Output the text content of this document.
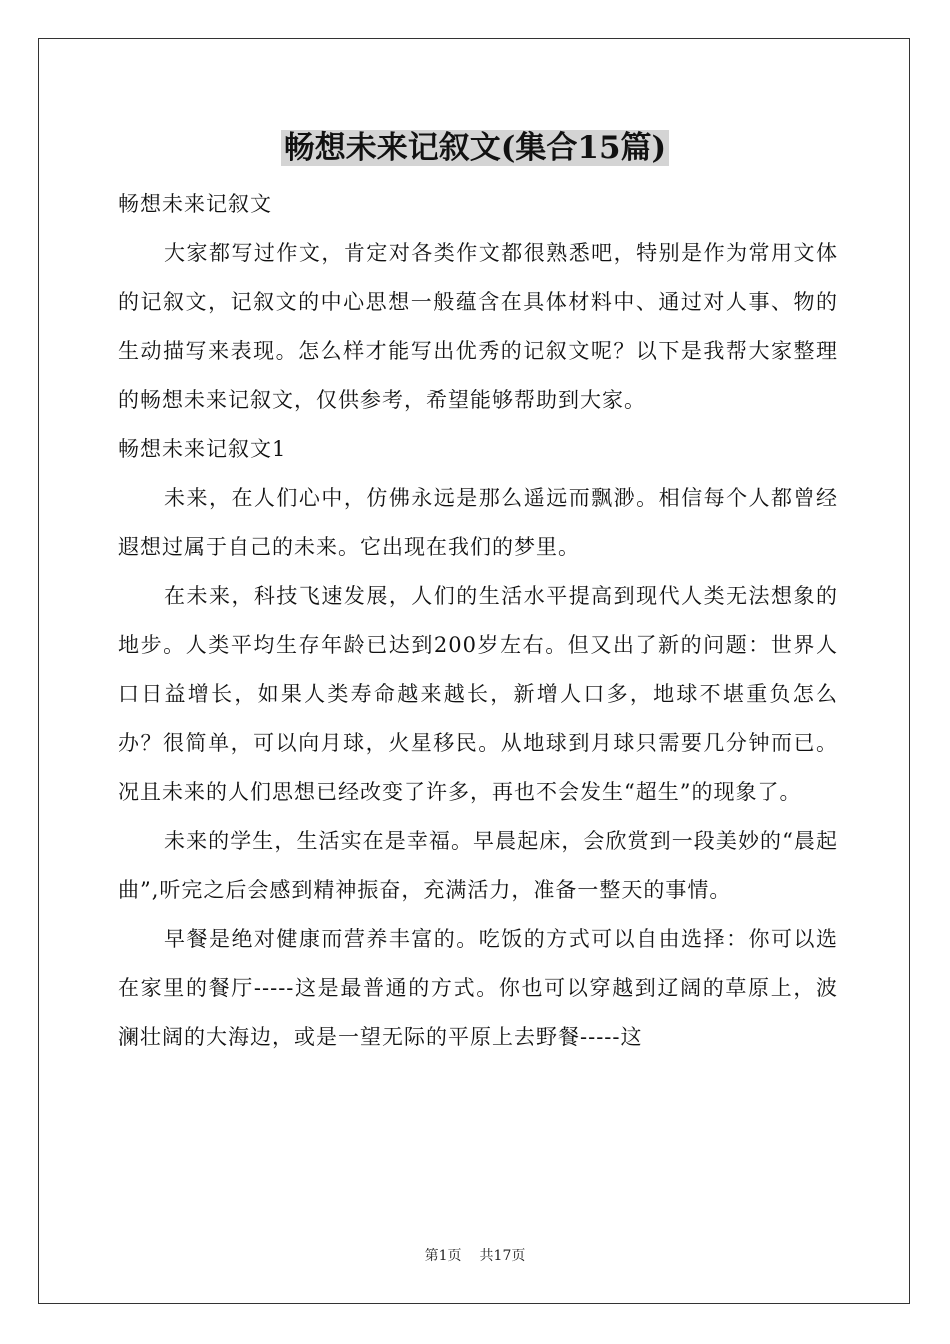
畅想未来记叙文(集合15篇)

畅想未来记叙文

大家都写过作文，肯定对各类作文都很熟悉吧，特别是作为常用文体的记叙文，记叙文的中心思想一般蕴含在具体材料中、通过对人事、物的生动描写来表现。怎么样才能写出优秀的记叙文呢？以下是我帮大家整理的畅想未来记叙文，仅供参考，希望能够帮助到大家。

畅想未来记叙文1

未来，在人们心中，仿佛永远是那么遥远而飘渺。相信每个人都曾经遐想过属于自己的未来。它出现在我们的梦里。

在未来，科技飞速发展，人们的生活水平提高到现代人类无法想象的地步。人类平均生存年龄已达到200岁左右。但又出了新的问题：世界人口日益增长，如果人类寿命越来越长，新增人口多，地球不堪重负怎么办？很简单，可以向月球，火星移民。从地球到月球只需要几分钟而已。况且未来的人们思想已经改变了许多，再也不会发生“超生”的现象了。

未来的学生，生活实在是幸福。早晨起床，会欣赏到一段美妙的“晨起曲”,听完之后会感到精神振奋，充满活力，准备一整天的事情。

早餐是绝对健康而营养丰富的。吃饭的方式可以自由选择：你可以选在家里的餐厅-----这是最普通的方式。你也可以穿越到辽阔的草原上，波澜壮阔的大海边，或是一望无际的平原上去野餐-----这

第1页 共17页
